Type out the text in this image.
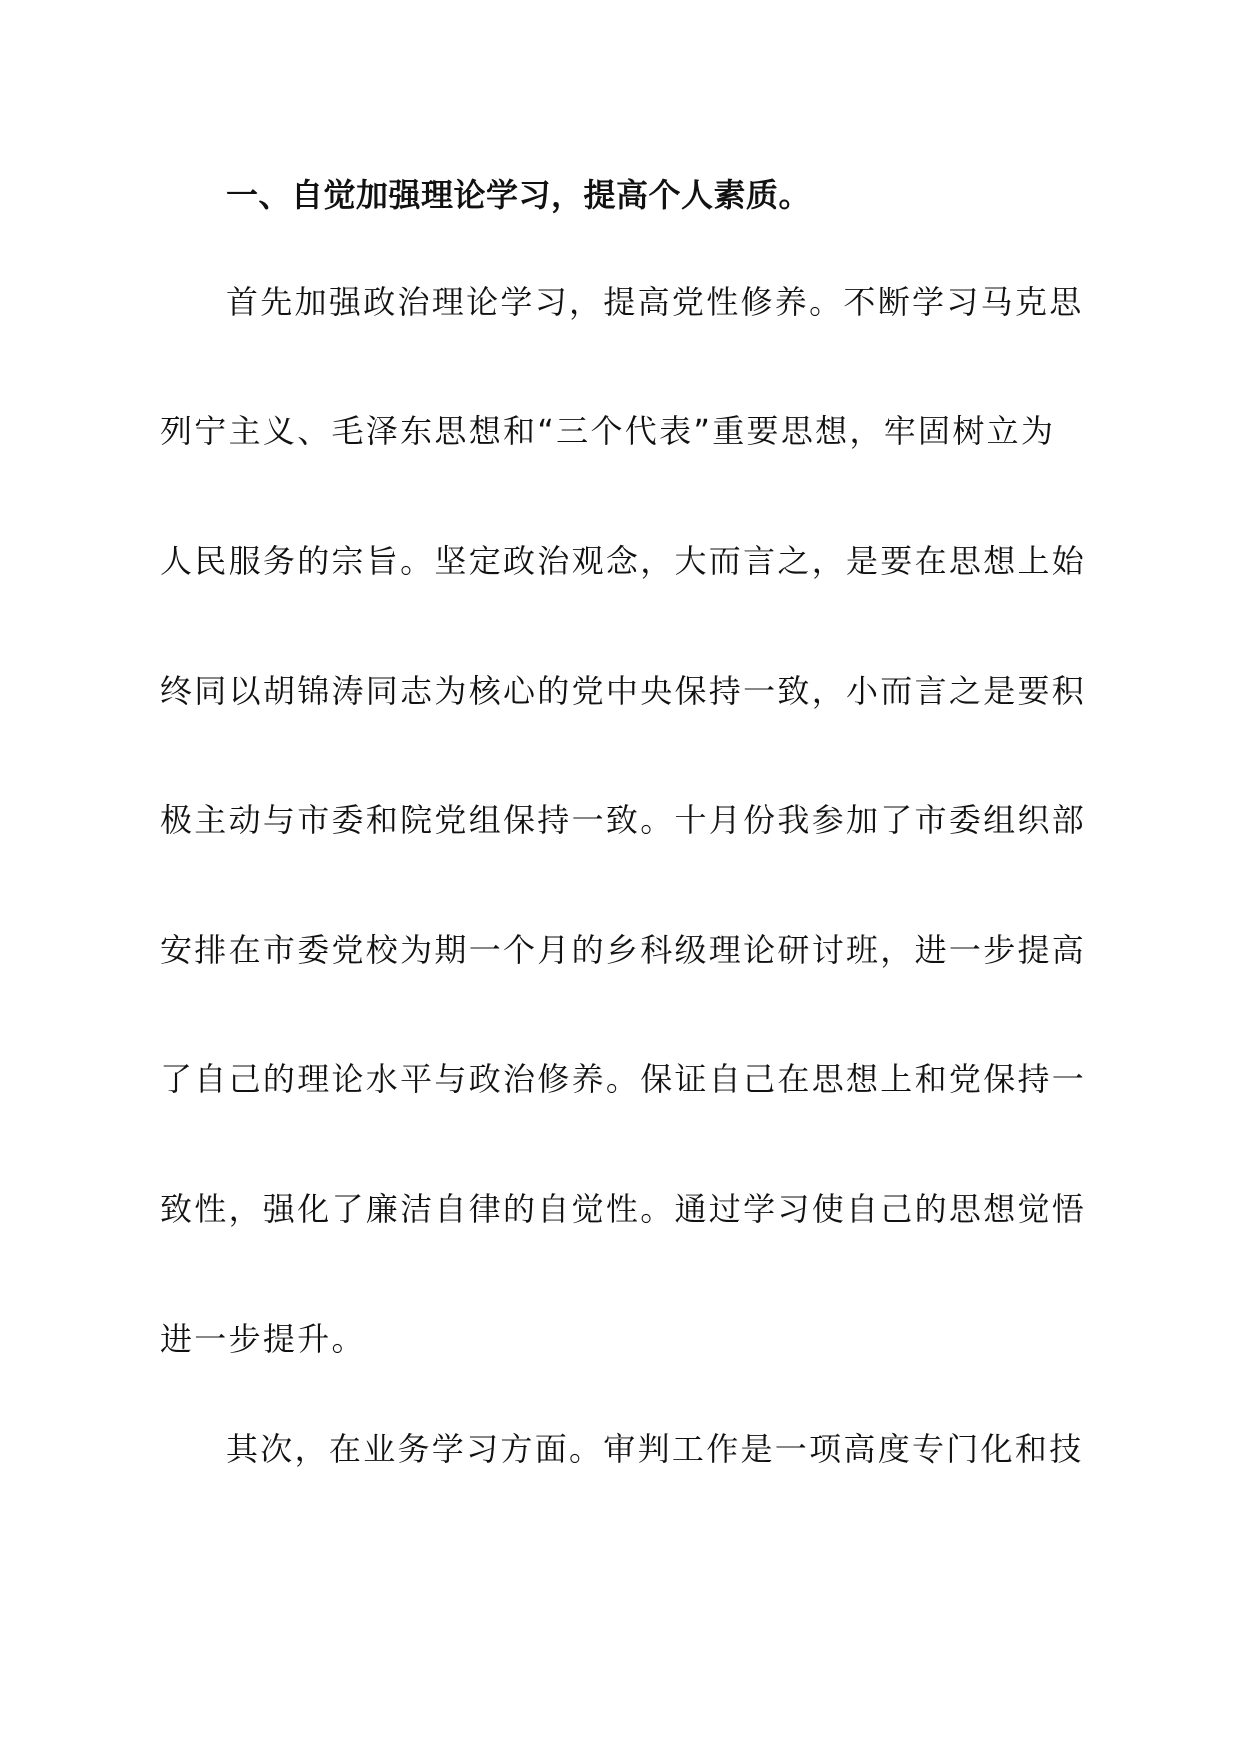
一、自觉加强理论学习，提高个人素质。
首先加强政治理论学习，提高党性修养。不断学习马克思
列宁主义、毛泽东思想和“三个代表”重要思想，牢固树立为
人民服务的宗旨。坚定政治观念，大而言之，是要在思想上始
终同以胡锦涛同志为核心的党中央保持一致，小而言之是要积
极主动与市委和院党组保持一致。十月份我参加了市委组织部
安排在市委党校为期一个月的乡科级理论研讨班，进一步提高
了自己的理论水平与政治修养。保证自己在思想上和党保持一
致性，强化了廉洁自律的自觉性。通过学习使自己的思想觉悟
进一步提升。
其次，在业务学习方面。审判工作是一项高度专门化和技
